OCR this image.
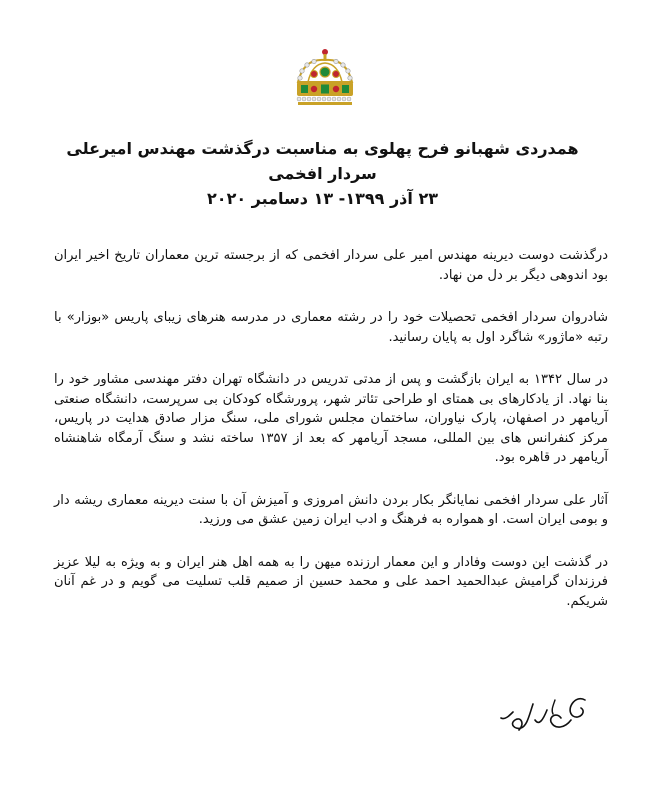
همدردی شهبانو فرح پهلوی به مناسبت درگذشت مهندس امیرعلی
سردار افخمی
۲۳ آذر ۱۳۹۹- ۱۳ دسامبر ۲۰۲۰

درگذشت دوست دیرینه مهندس امیر علی سردار افخمی که از برجسته ترین معماران تاریخ اخیر ایران بود اندوهی دیگر بر دل من نهاد.

شادروان سردار افخمی تحصیلات خود را در رشته معماری در مدرسه هنرهای زیبای پاریس «بوزار» با رتبه «ماژور» شاگرد اول به پایان رسانید.

در سال ۱۳۴۲ به ایران بازگشت و پس از مدتی تدریس در دانشگاه تهران دفتر مهندسی مشاور خود را بنا نهاد. از یادکارهای بی همتای او طراحی تئاتر شهر، پرورشگاه کودکان بی سرپرست، دانشگاه صنعتی آریامهر در اصفهان، پارک نیاوران، ساختمان مجلس شورای ملی، سنگ مزار صادق هدایت در پاریس، مرکز کنفرانس های بین المللی، مسجد آریامهر که بعد از ۱۳۵۷ ساخته نشد و سنگ آرمگاه شاهنشاه آریامهر در قاهره بود.

آثار علی سردار افخمی نمایانگر بکار بردن دانش امروزی و آمیزش آن با سنت دیرینه معماری ریشه دار و بومی ایران است. او همواره به فرهنگ و ادب ایران زمین عشق می ورزید.

در گذشت این دوست وفادار و این معمار ارزنده میهن را به همه اهل هنر ایران و به ویژه به لیلا عزیز فرزندان گرامیش عبدالحمید احمد علی و محمد حسین از صمیم قلب تسلیت می گویم و در غم آنان شریکم.
